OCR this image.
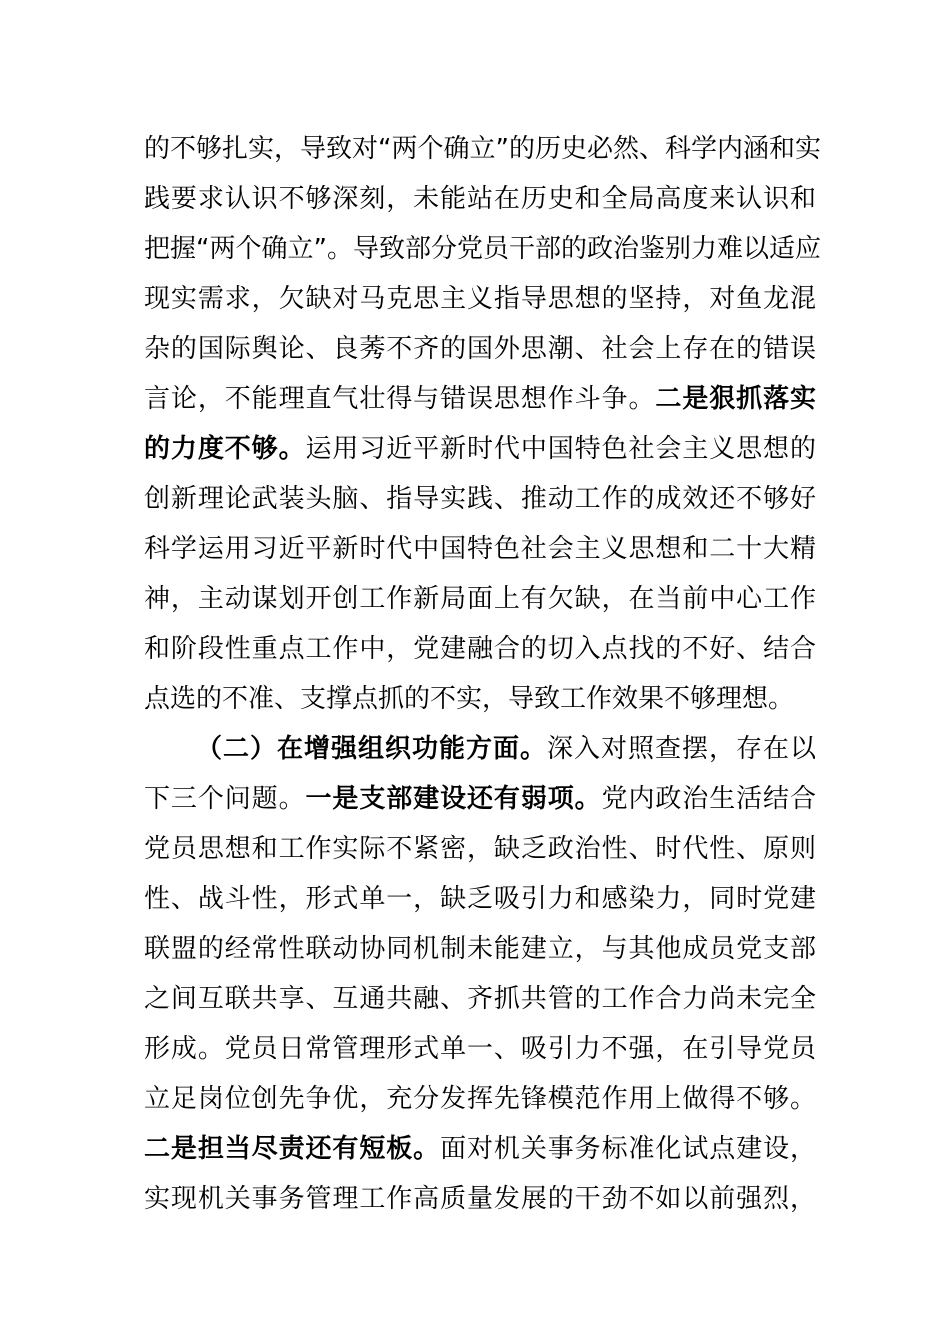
的不够扎实，导致对“两个确立”的历史必然、科学内涵和实
践要求认识不够深刻，未能站在历史和全局高度来认识和
把握“两个确立”。导致部分党员干部的政治鉴别力难以适应
现实需求，欠缺对马克思主义指导思想的坚持，对鱼龙混
杂的国际舆论、良莠不齐的国外思潮、社会上存在的错误
言论，不能理直气壮得与错误思想作斗争。二是狠抓落实
的力度不够。运用习近平新时代中国特色社会主义思想的
创新理论武装头脑、指导实践、推动工作的成效还不够好
科学运用习近平新时代中国特色社会主义思想和二十大精
神，主动谋划开创工作新局面上有欠缺，在当前中心工作
和阶段性重点工作中，党建融合的切入点找的不好、结合
点选的不准、支撑点抓的不实，导致工作效果不够理想。
（二）在增强组织功能方面。深入对照查摆，存在以
下三个问题。一是支部建设还有弱项。党内政治生活结合
党员思想和工作实际不紧密，缺乏政治性、时代性、原则
性、战斗性，形式单一，缺乏吸引力和感染力，同时党建
联盟的经常性联动协同机制未能建立，与其他成员党支部
之间互联共享、互通共融、齐抓共管的工作合力尚未完全
形成。党员日常管理形式单一、吸引力不强，在引导党员
立足岗位创先争优，充分发挥先锋模范作用上做得不够。
二是担当尽责还有短板。面对机关事务标准化试点建设，
实现机关事务管理工作高质量发展的干劲不如以前强烈，
